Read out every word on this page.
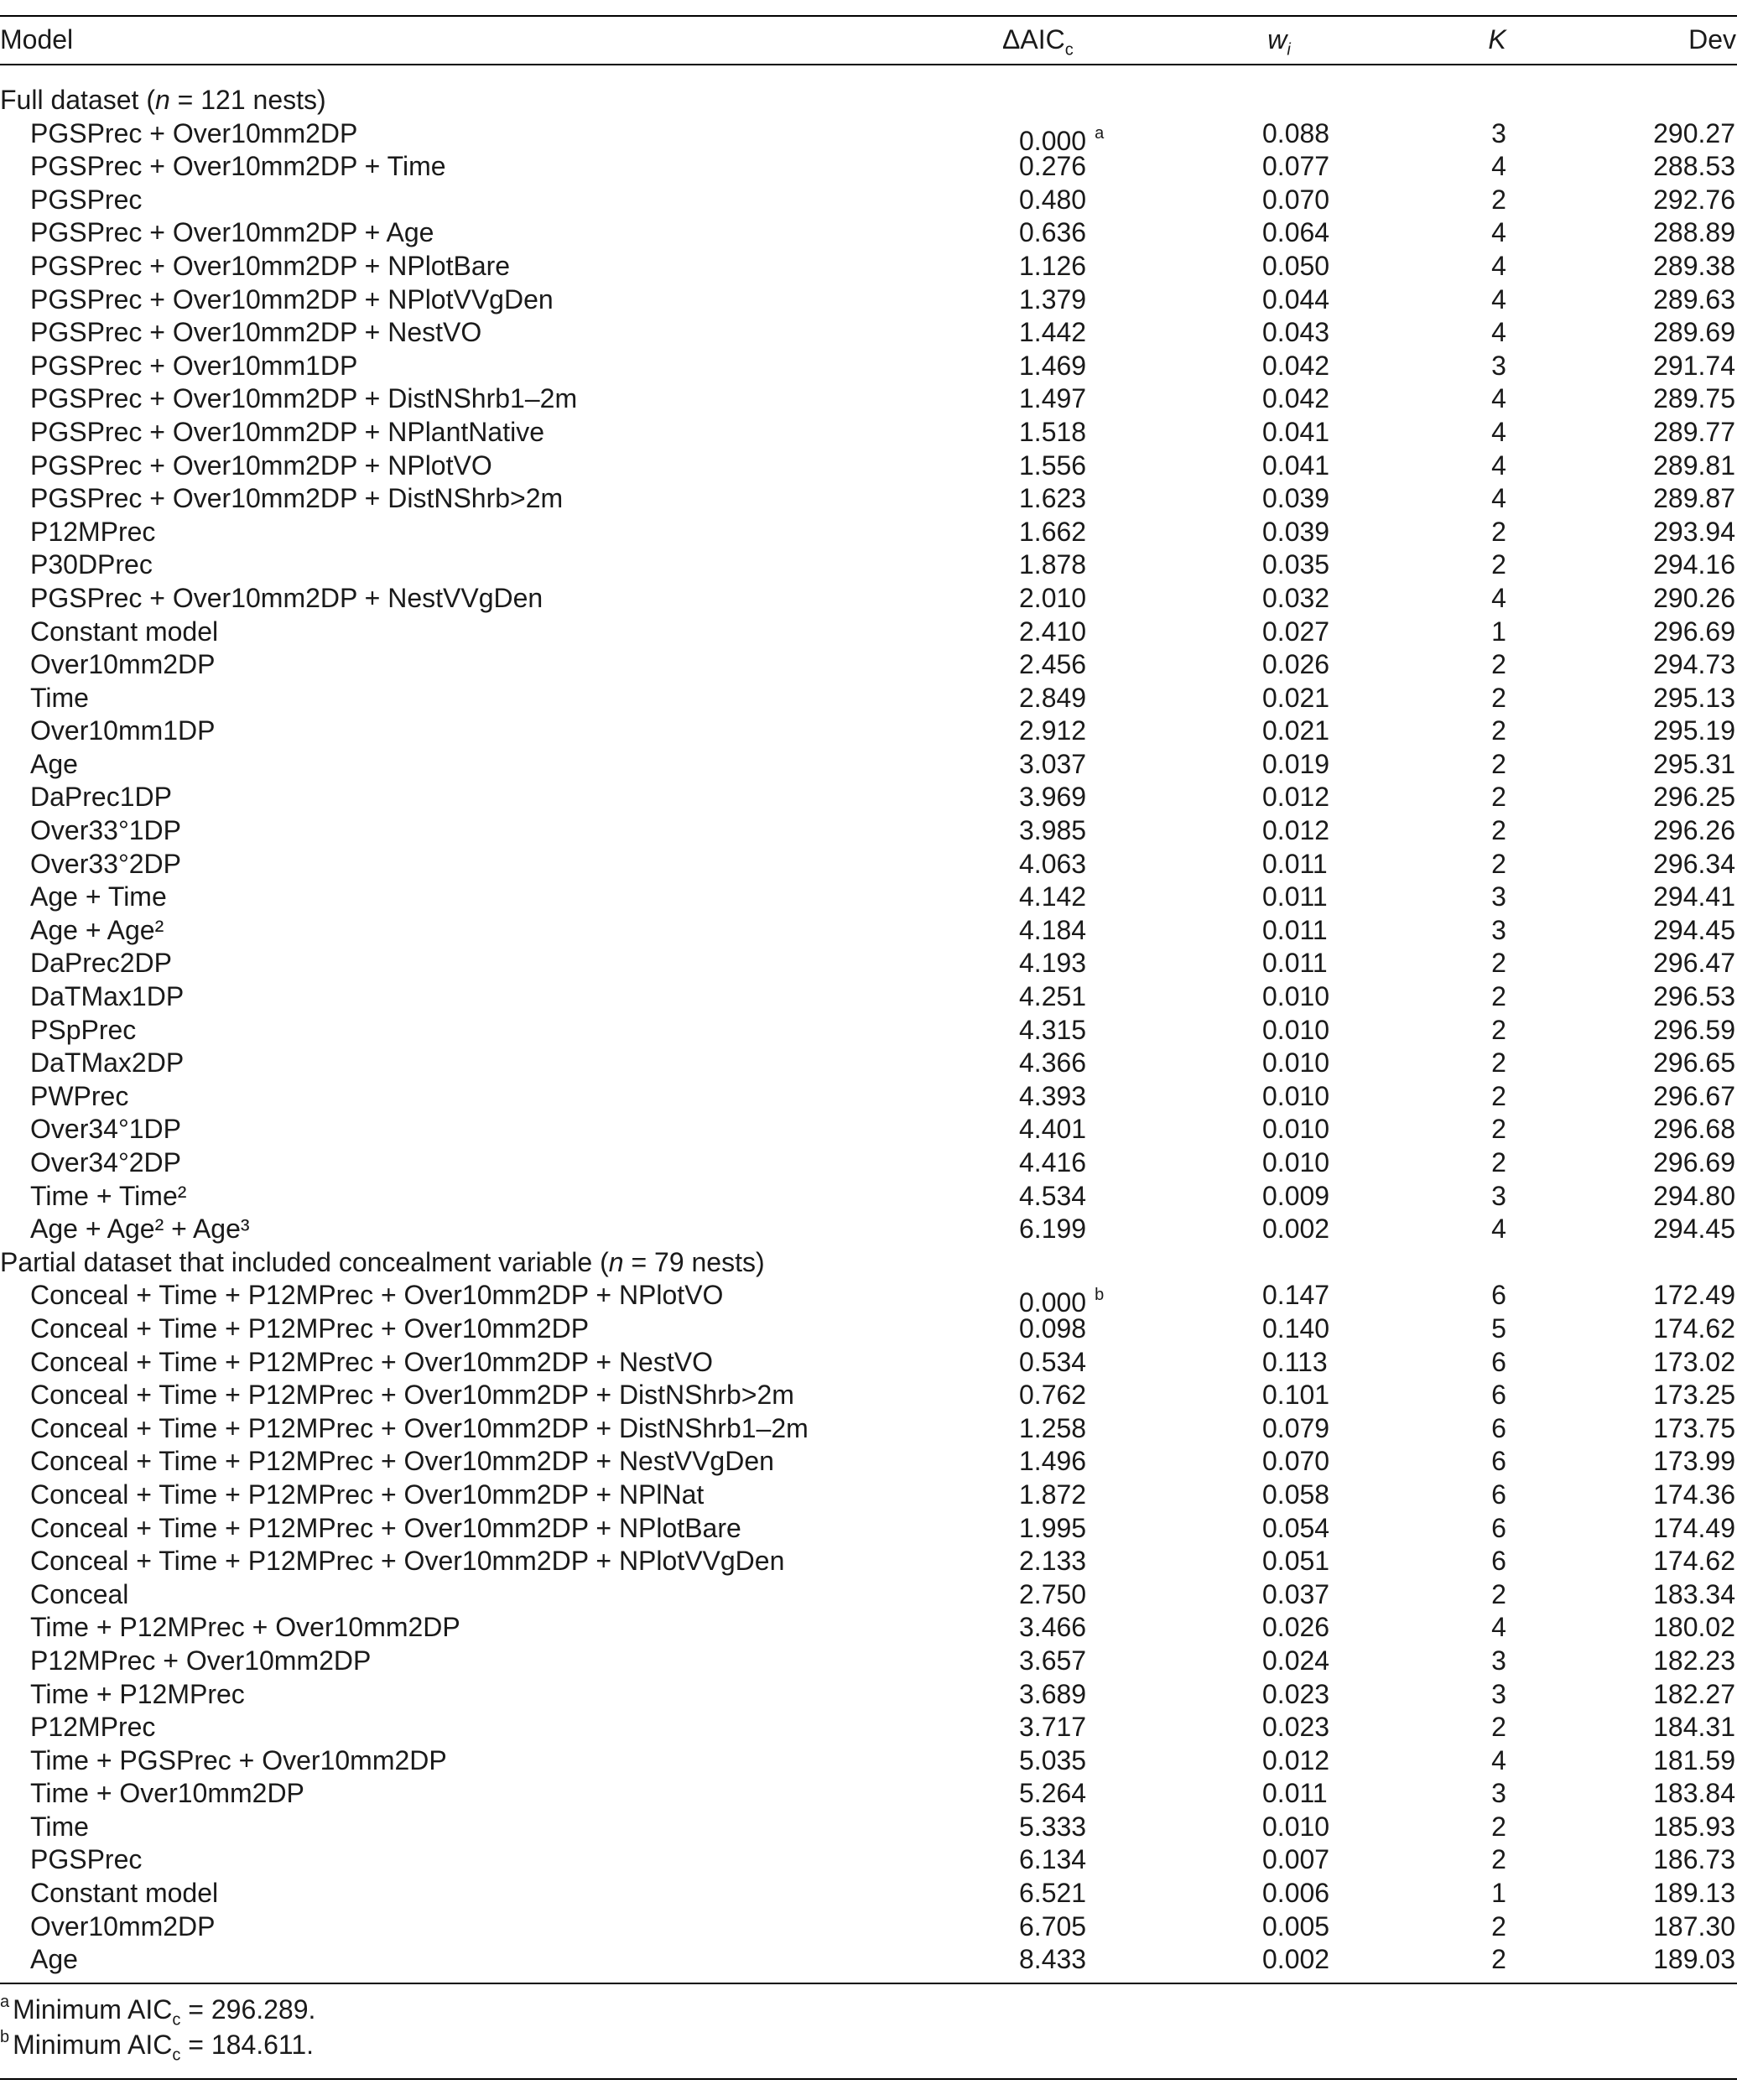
Model	$\Delta AIC_c$	$w_i$	K	Dev
Full dataset (n = 121 nests)
PGSPrec + Over10mm2DP	0.000 $^a$	0.088	3	290.27
PGSPrec + Over10mm2DP + Time	0.276	0.077	4	288.53
PGSPrec	0.480	0.070	2	292.76
PGSPrec + Over10mm2DP + Age	0.636	0.064	4	288.89
PGSPrec + Over10mm2DP + NPlotBare	1.126	0.050	4	289.38
PGSPrec + Over10mm2DP + NPlotVVgDen	1.379	0.044	4	289.63
PGSPrec + Over10mm2DP + NestVO	1.442	0.043	4	289.69
PGSPrec + Over10mm1DP	1.469	0.042	3	291.74
PGSPrec + Over10mm2DP + DistNShrb1–2m	1.497	0.042	4	289.75
PGSPrec + Over10mm2DP + NPlantNative	1.518	0.041	4	289.77
PGSPrec + Over10mm2DP + NPlotVO	1.556	0.041	4	289.81
PGSPrec + Over10mm2DP + DistNShrb>2m	1.623	0.039	4	289.87
P12MPrec	1.662	0.039	2	293.94
P30DPrec	1.878	0.035	2	294.16
PGSPrec + Over10mm2DP + NestVVgDen	2.010	0.032	4	290.26
Constant model	2.410	0.027	1	296.69
Over10mm2DP	2.456	0.026	2	294.73
Time	2.849	0.021	2	295.13
Over10mm1DP	2.912	0.021	2	295.19
Age	3.037	0.019	2	295.31
DaPrec1DP	3.969	0.012	2	296.25
Over33°1DP	3.985	0.012	2	296.26
Over33°2DP	4.063	0.011	2	296.34
Age + Time	4.142	0.011	3	294.41
Age + Age²	4.184	0.011	3	294.45
DaPrec2DP	4.193	0.011	2	296.47
DaTMax1DP	4.251	0.010	2	296.53
PSpPrec	4.315	0.010	2	296.59
DaTMax2DP	4.366	0.010	2	296.65
PWPrec	4.393	0.010	2	296.67
Over34°1DP	4.401	0.010	2	296.68
Over34°2DP	4.416	0.010	2	296.69
Time + Time²	4.534	0.009	3	294.80
Age + Age² + Age³	6.199	0.002	4	294.45
Partial dataset that included concealment variable (n = 79 nests)
Conceal + Time + P12MPrec + Over10mm2DP + NPlotVO	0.000 $^b$	0.147	6	172.49
Conceal + Time + P12MPrec + Over10mm2DP	0.098	0.140	5	174.62
Conceal + Time + P12MPrec + Over10mm2DP + NestVO	0.534	0.113	6	173.02
Conceal + Time + P12MPrec + Over10mm2DP + DistNShrb>2m	0.762	0.101	6	173.25
Conceal + Time + P12MPrec + Over10mm2DP + DistNShrb1–2m	1.258	0.079	6	173.75
Conceal + Time + P12MPrec + Over10mm2DP + NestVVgDen	1.496	0.070	6	173.99
Conceal + Time + P12MPrec + Over10mm2DP + NPlNat	1.872	0.058	6	174.36
Conceal + Time + P12MPrec + Over10mm2DP + NPlotBare	1.995	0.054	6	174.49
Conceal + Time + P12MPrec + Over10mm2DP + NPlotVVgDen	2.133	0.051	6	174.62
Conceal	2.750	0.037	2	183.34
Time + P12MPrec + Over10mm2DP	3.466	0.026	4	180.02
P12MPrec + Over10mm2DP	3.657	0.024	3	182.23
Time + P12MPrec	3.689	0.023	3	182.27
P12MPrec	3.717	0.023	2	184.31
Time + PGSPrec + Over10mm2DP	5.035	0.012	4	181.59
Time + Over10mm2DP	5.264	0.011	3	183.84
Time	5.333	0.010	2	185.93
PGSPrec	6.134	0.007	2	186.73
Constant model	6.521	0.006	1	189.13
Over10mm2DP	6.705	0.005	2	187.30
Age	8.433	0.002	2	189.03
$^a$ Minimum $AIC_c = 296.289$.
$^b$ Minimum $AIC_c = 184.611$.
